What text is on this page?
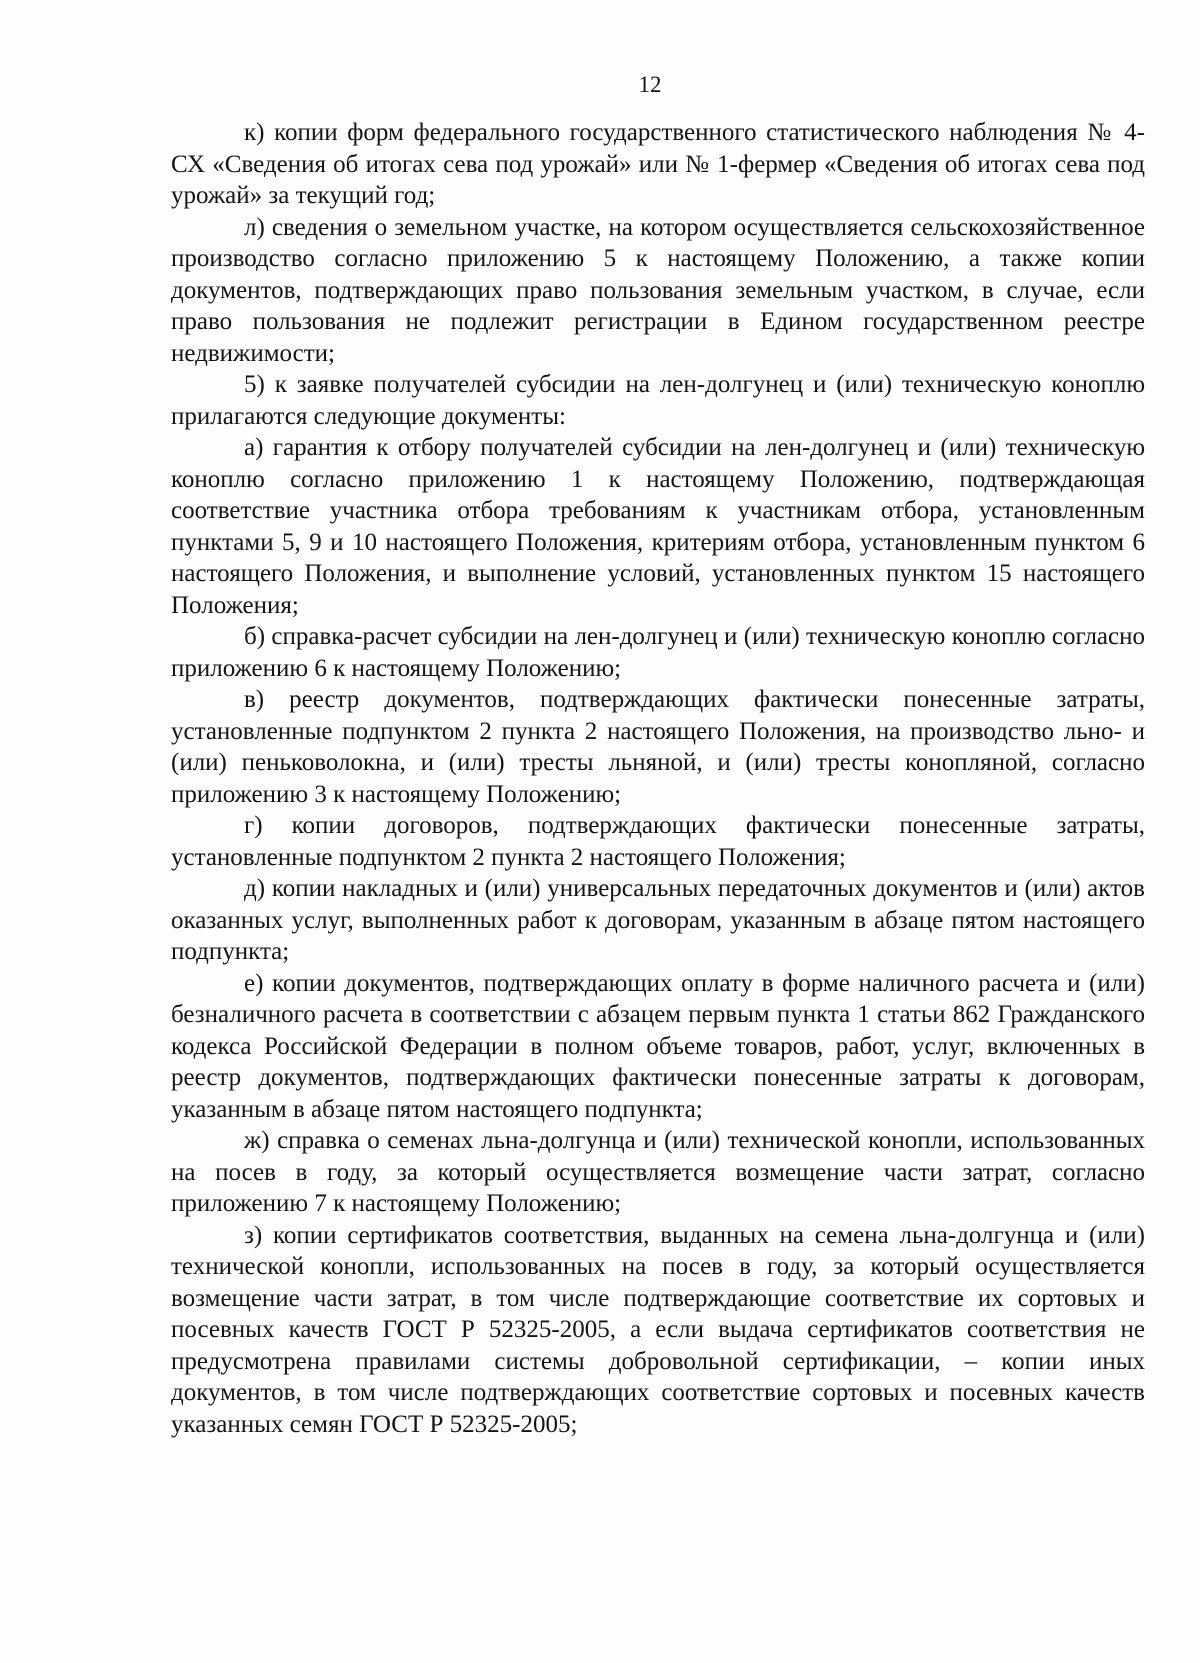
12

к) копии форм федерального государственного статистического наблюдения № 4-СХ «Сведения об итогах сева под урожай» или № 1-фермер «Сведения об итогах сева под урожай» за текущий год;

л) сведения о земельном участке, на котором осуществляется сельскохозяйственное производство согласно приложению 5 к настоящему Положению, а также копии документов, подтверждающих право пользования земельным участком, в случае, если право пользования не подлежит регистрации в Едином государственном реестре недвижимости;

5) к заявке получателей субсидии на лен-долгунец и (или) техническую коноплю прилагаются следующие документы:

а) гарантия к отбору получателей субсидии на лен-долгунец и (или) техническую коноплю согласно приложению 1 к настоящему Положению, подтверждающая соответствие участника отбора требованиям к участникам отбора, установленным пунктами 5, 9 и 10 настоящего Положения, критериям отбора, установленным пунктом 6 настоящего Положения, и выполнение условий, установленных пунктом 15 настоящего Положения;

б) справка-расчет субсидии на лен-долгунец и (или) техническую коноплю согласно приложению 6 к настоящему Положению;

в) реестр документов, подтверждающих фактически понесенные затраты, установленные подпунктом 2 пункта 2 настоящего Положения, на производство льно- и (или) пеньковолокна, и (или) тресты льняной, и (или) тресты конопляной, согласно приложению 3 к настоящему Положению;

г) копии договоров, подтверждающих фактически понесенные затраты, установленные подпунктом 2 пункта 2 настоящего Положения;

д) копии накладных и (или) универсальных передаточных документов и (или) актов оказанных услуг, выполненных работ к договорам, указанным в абзаце пятом настоящего подпункта;

е) копии документов, подтверждающих оплату в форме наличного расчета и (или) безналичного расчета в соответствии с абзацем первым пункта 1 статьи 862 Гражданского кодекса Российской Федерации в полном объеме товаров, работ, услуг, включенных в реестр документов, подтверждающих фактически понесенные затраты к договорам, указанным в абзаце пятом настоящего подпункта;

ж) справка о семенах льна-долгунца и (или) технической конопли, использованных на посев в году, за который осуществляется возмещение части затрат, согласно приложению 7 к настоящему Положению;

з) копии сертификатов соответствия, выданных на семена льна-долгунца и (или) технической конопли, использованных на посев в году, за который осуществляется возмещение части затрат, в том числе подтверждающие соответствие их сортовых и посевных качеств ГОСТ Р 52325-2005, а если выдача сертификатов соответствия не предусмотрена правилами системы добровольной сертификации, – копии иных документов, в том числе подтверждающих соответствие сортовых и посевных качеств указанных семян ГОСТ Р 52325-2005;
